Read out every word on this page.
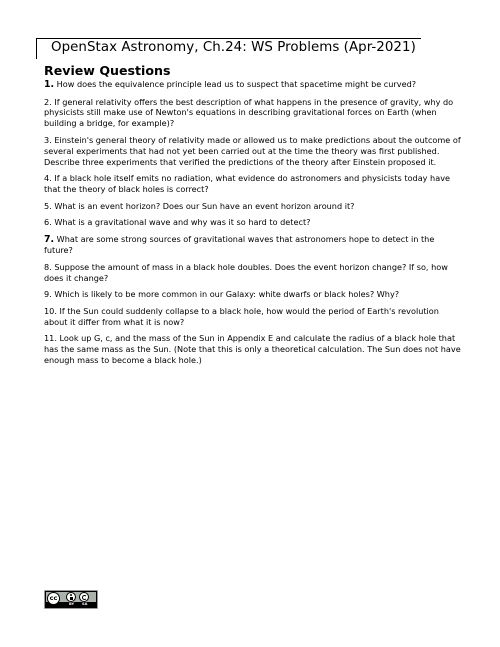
OpenStax Astronomy, Ch.24: WS Problems (Apr-2021)
Review Questions
1. How does the equivalence principle lead us to suspect that spacetime might be curved?
2. If general relativity offers the best description of what happens in the presence of gravity, why do physicists still make use of Newton's equations in describing gravitational forces on Earth (when building a bridge, for example)?
3. Einstein's general theory of relativity made or allowed us to make predictions about the outcome of several experiments that had not yet been carried out at the time the theory was first published. Describe three experiments that verified the predictions of the theory after Einstein proposed it.
4. If a black hole itself emits no radiation, what evidence do astronomers and physicists today have that the theory of black holes is correct?
5. What is an event horizon? Does our Sun have an event horizon around it?
6. What is a gravitational wave and why was it so hard to detect?
7. What are some strong sources of gravitational waves that astronomers hope to detect in the future?
8. Suppose the amount of mass in a black hole doubles. Does the event horizon change? If so, how does it change?
9. Which is likely to be more common in our Galaxy: white dwarfs or black holes? Why?
10. If the Sun could suddenly collapse to a black hole, how would the period of Earth's revolution about it differ from what it is now?
11. Look up G, c, and the mass of the Sun in Appendix E and calculate the radius of a black hole that has the same mass as the Sun. (Note that this is only a theoretical calculation. The Sun does not have enough mass to become a black hole.)
cc
BY SA
